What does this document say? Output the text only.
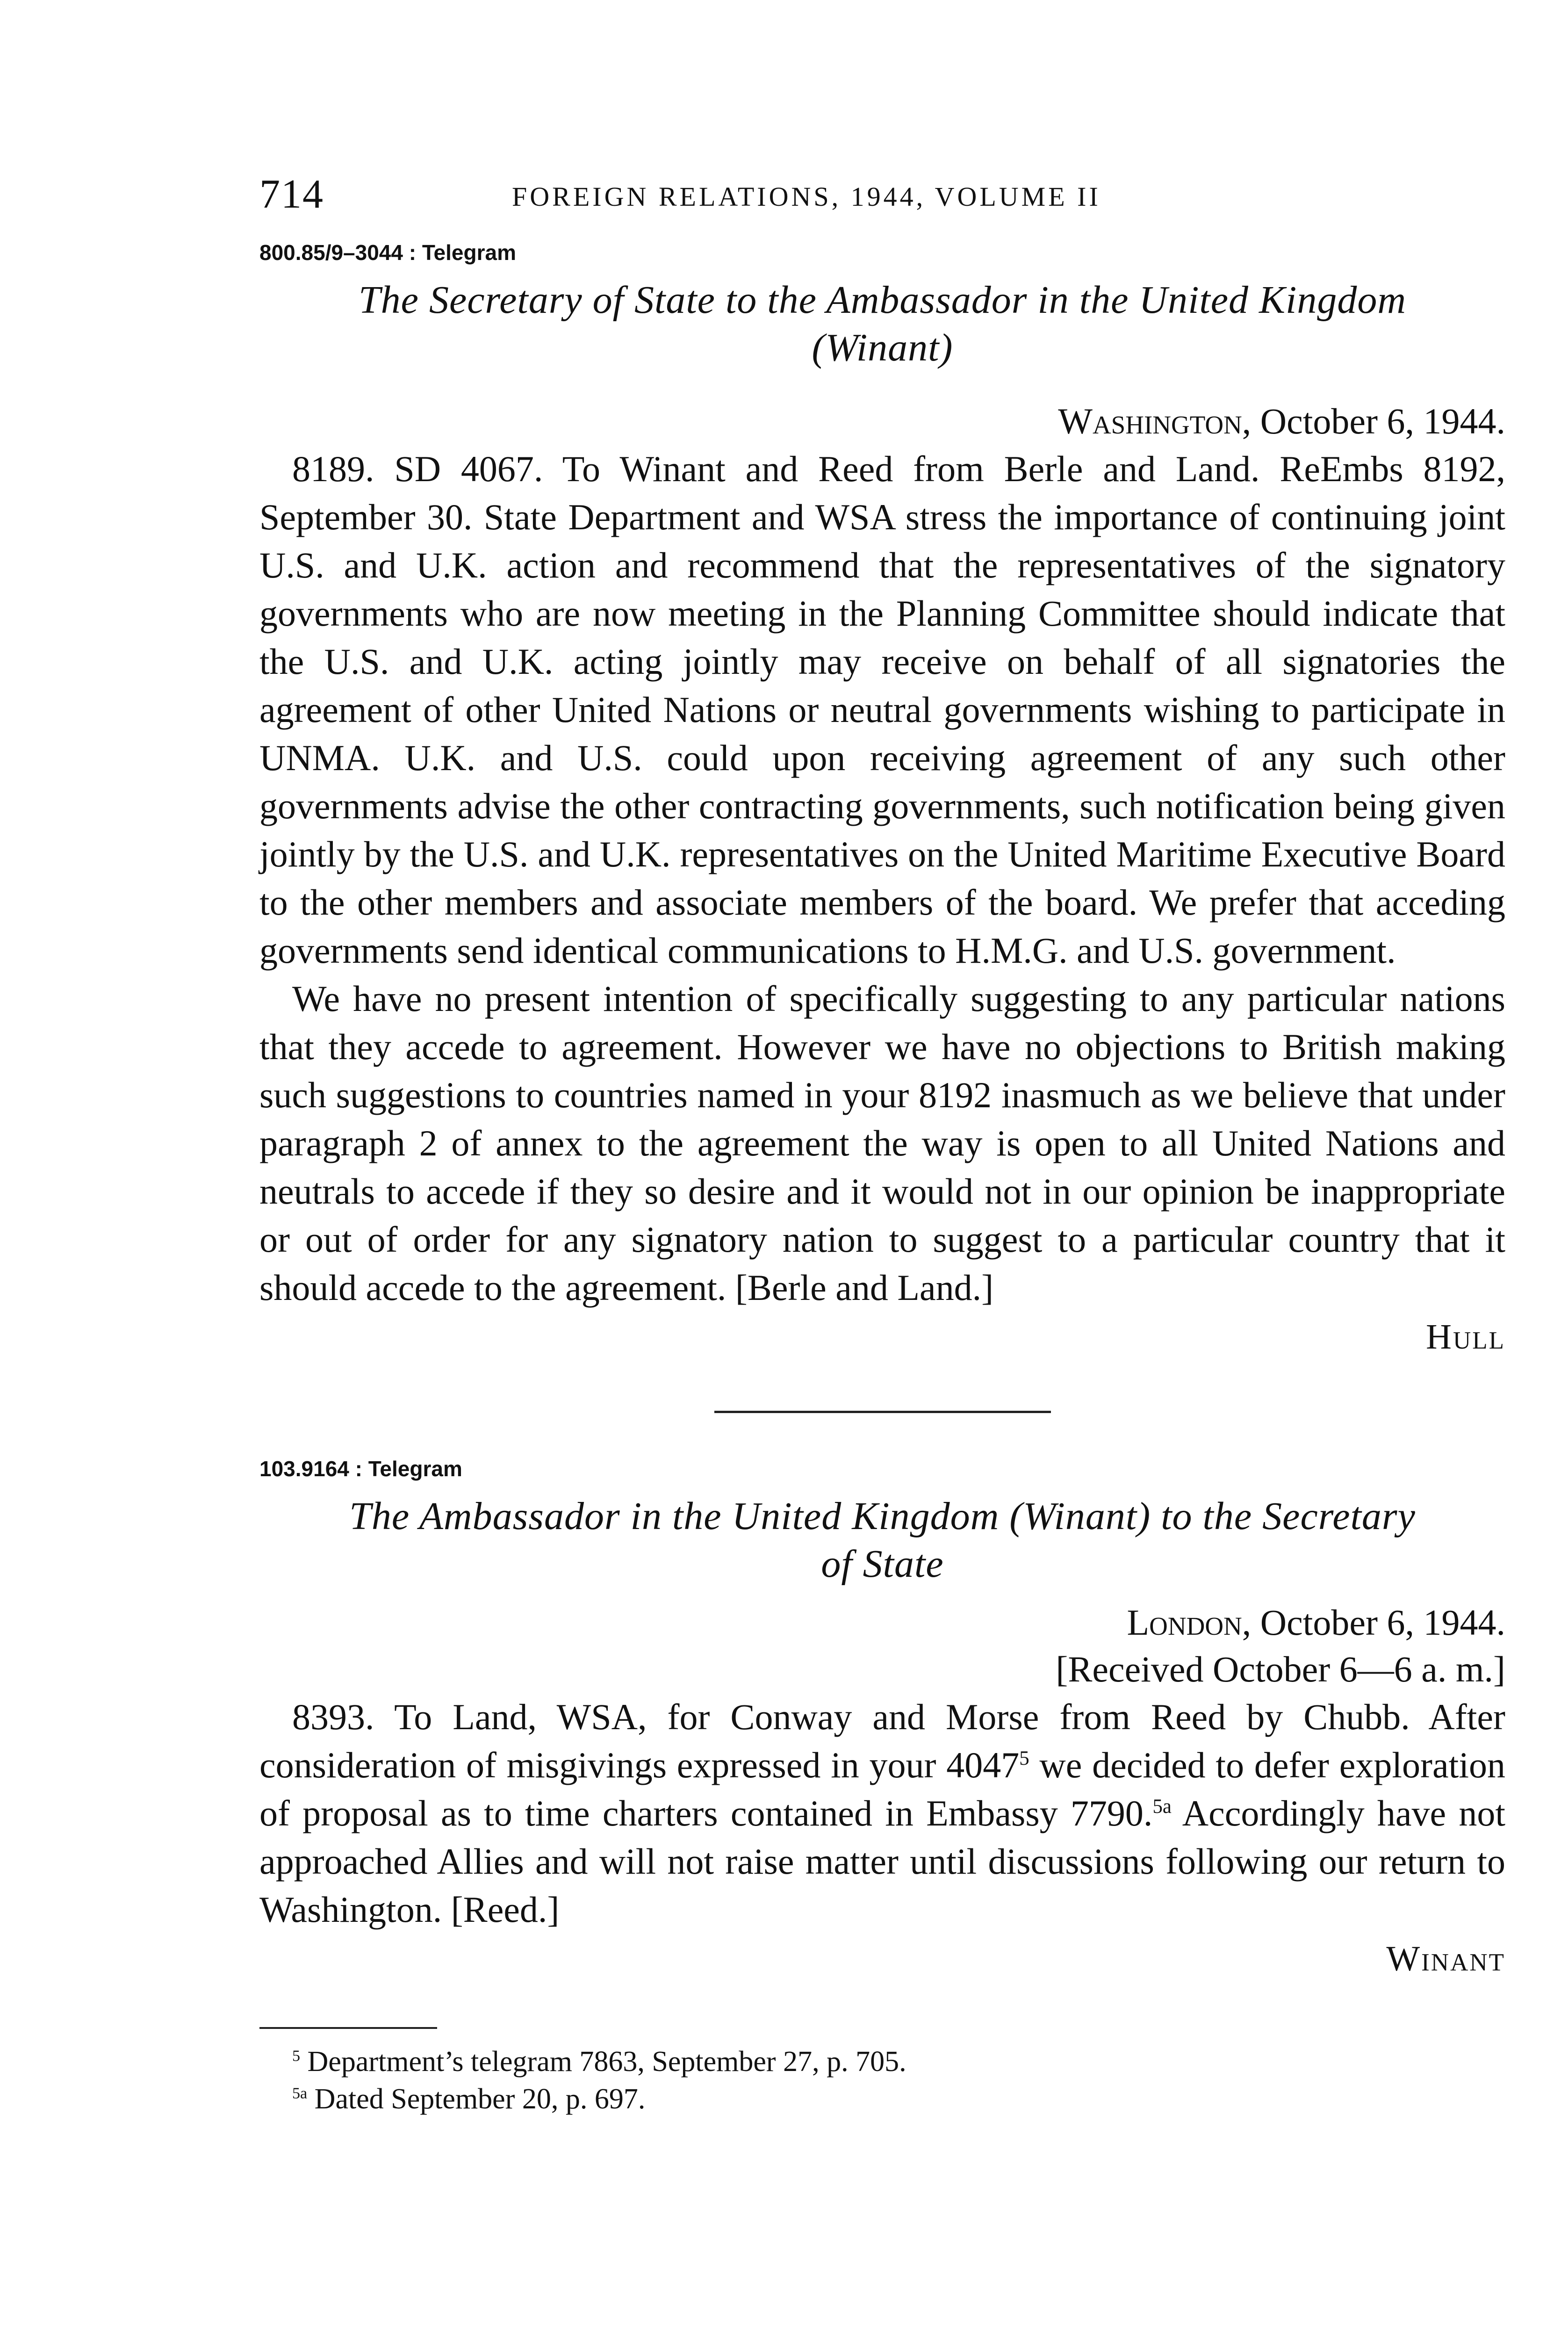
714	FOREIGN RELATIONS, 1944, VOLUME II
800.85/9–3044 : Telegram
The Secretary of State to the Ambassador in the United Kingdom
(Winant)
Washington, October 6, 1944.

8189. SD 4067. To Winant and Reed from Berle and Land. ReEmbs 8192, September 30. State Department and WSA stress the importance of continuing joint U.S. and U.K. action and recommend that the representatives of the signatory governments who are now meeting in the Planning Committee should indicate that the U.S. and U.K. acting jointly may receive on behalf of all signatories the agreement of other United Nations or neutral governments wishing to participate in UNMA. U.K. and U.S. could upon receiving agreement of any such other governments advise the other contracting governments, such notification being given jointly by the U.S. and U.K. representatives on the United Maritime Executive Board to the other members and associate members of the board. We prefer that acceding governments send identical communications to H.M.G. and U.S. government.

We have no present intention of specifically suggesting to any particular nations that they accede to agreement. However we have no objections to British making such suggestions to countries named in your 8192 inasmuch as we believe that under paragraph 2 of annex to the agreement the way is open to all United Nations and neutrals to accede if they so desire and it would not in our opinion be inappropriate or out of order for any signatory nation to suggest to a particular country that it should accede to the agreement. [Berle and Land.]

Hull
103.9164 : Telegram
The Ambassador in the United Kingdom (Winant) to the Secretary
of State
London, October 6, 1944.
[Received October 6—6 a. m.]

8393. To Land, WSA, for Conway and Morse from Reed by Chubb. After consideration of misgivings expressed in your 4047$^5$ we decided to defer exploration of proposal as to time charters contained in Embassy 7790.$^{5a}$ Accordingly have not approached Allies and will not raise matter until discussions following our return to Washington. [Reed.]

Winant
$^5$ Department’s telegram 7863, September 27, p. 705.
$^{5a}$ Dated September 20, p. 697.
